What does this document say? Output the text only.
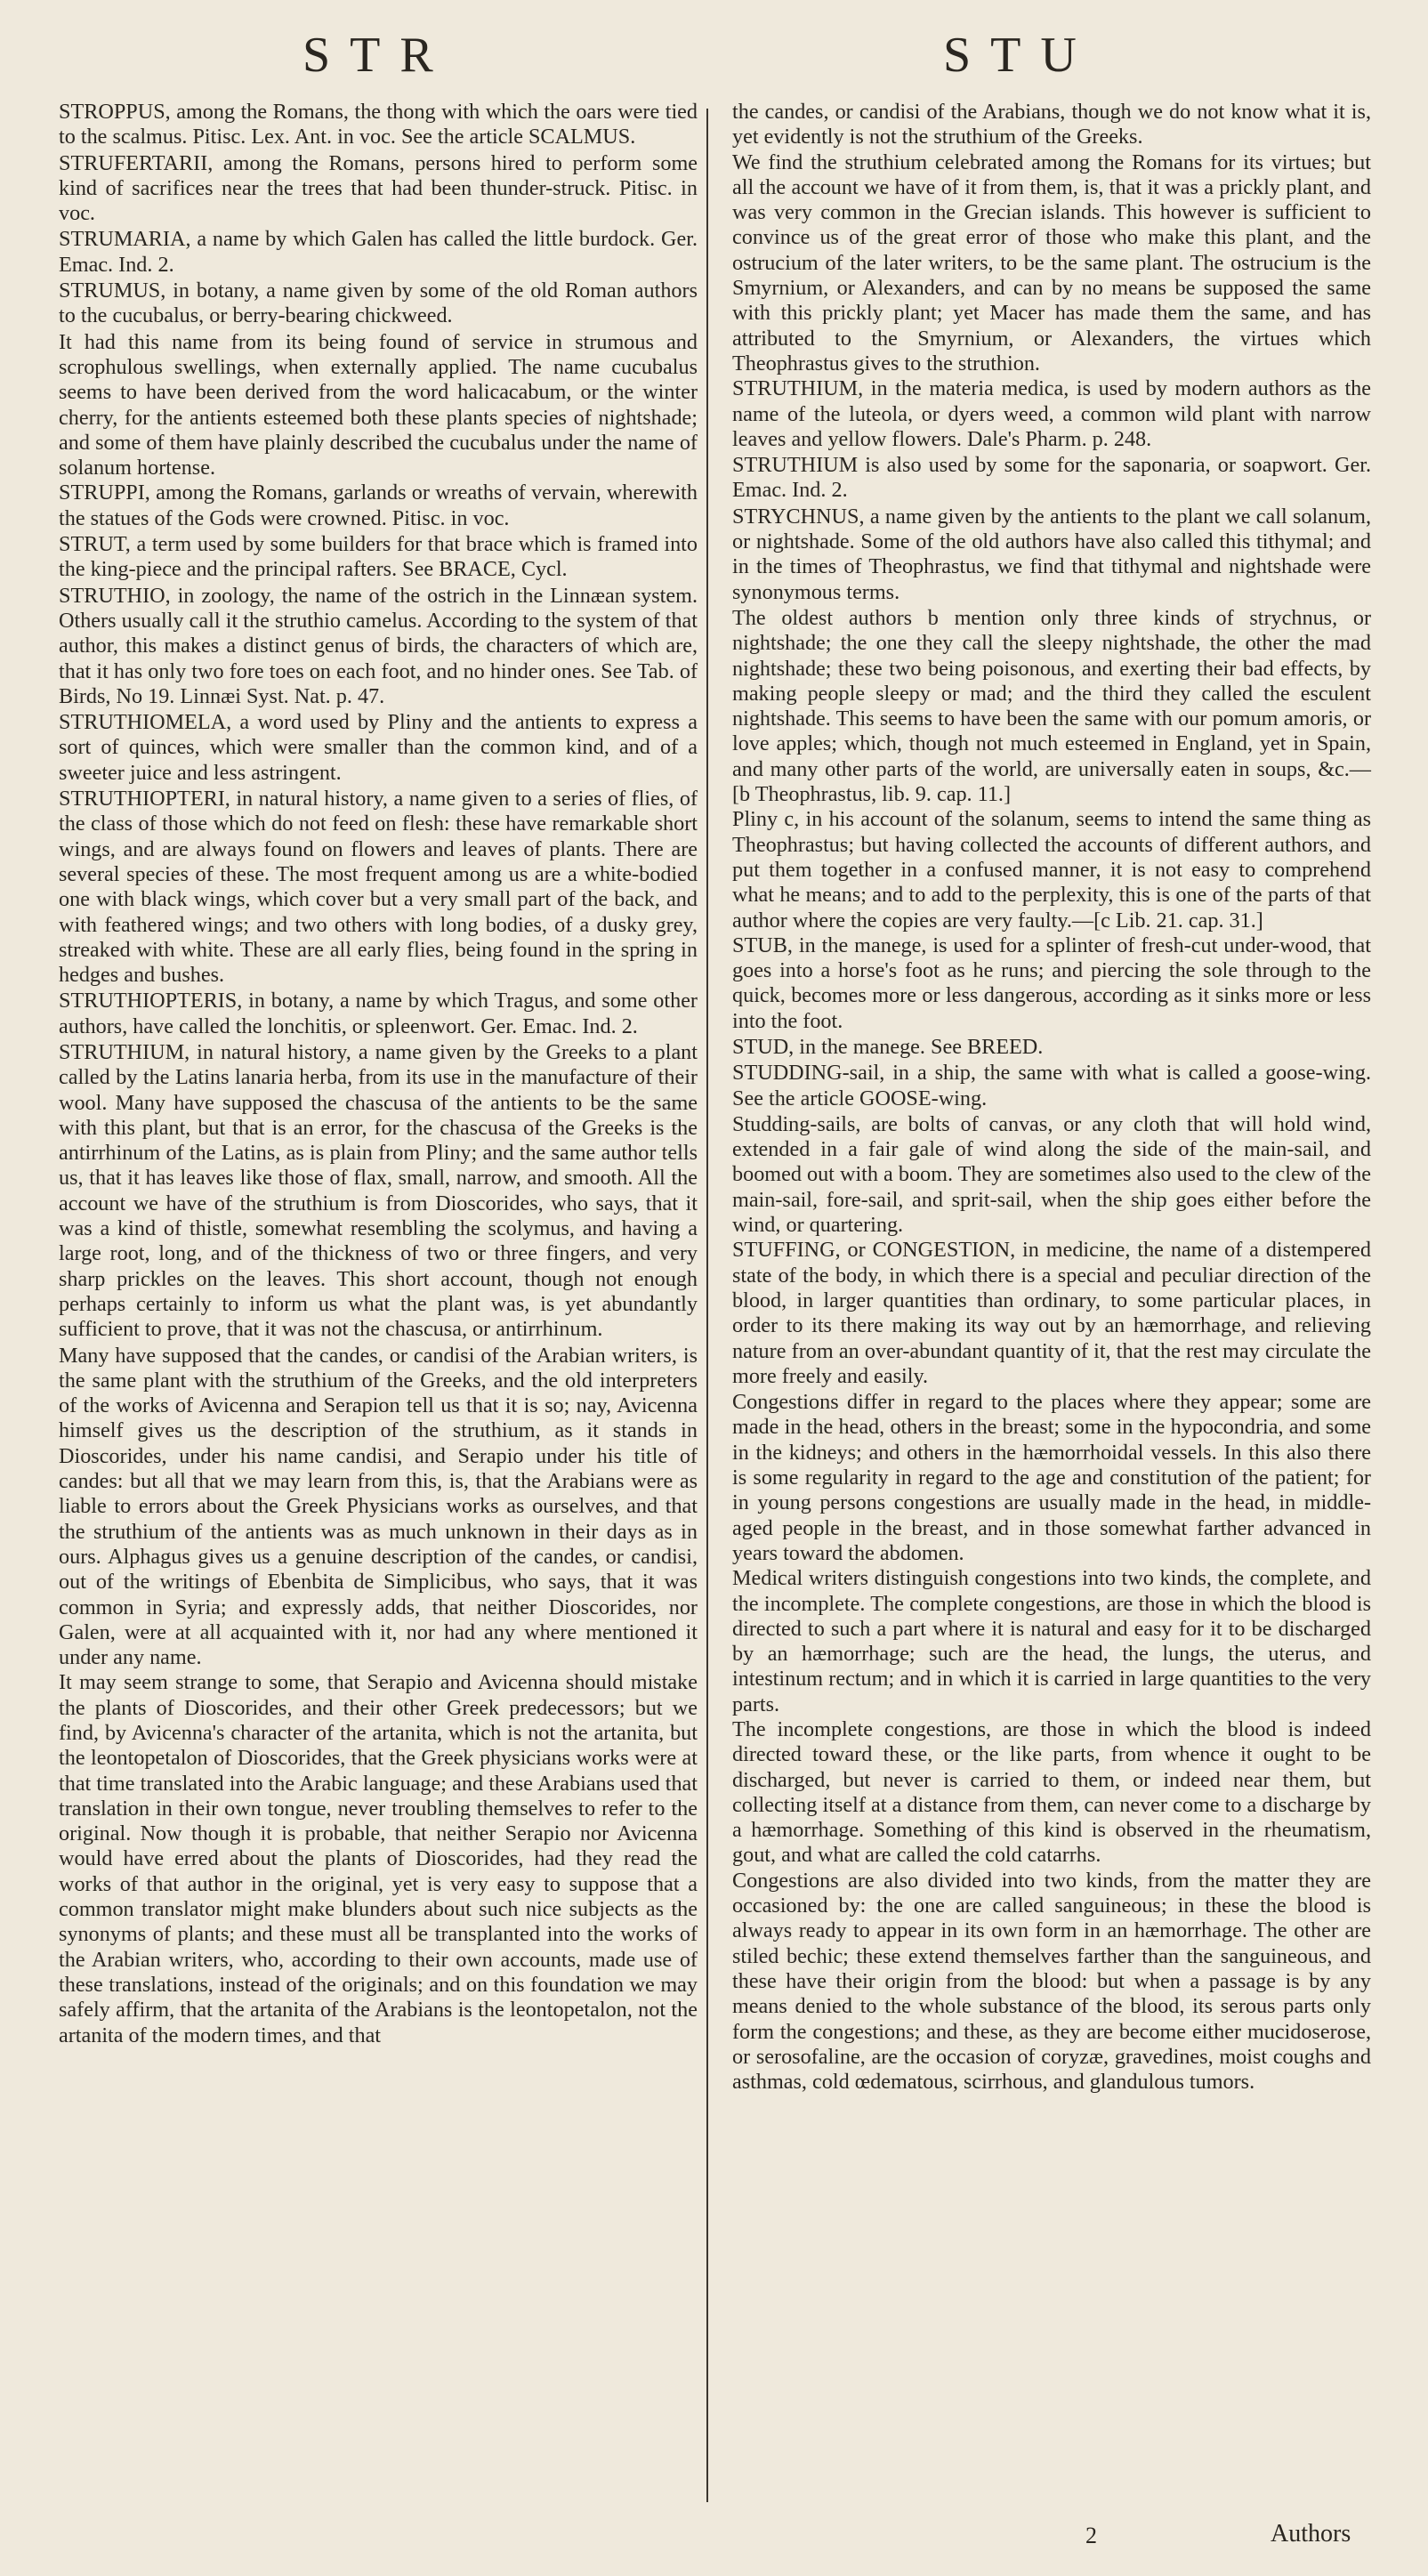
STR	STU

STROPPUS, among the Romans, the thong with which the oars were tied to the scalmus. Pitisc. Lex. Ant. in voc. See the article SCALMUS.

STRUFERTARII, among the Romans, persons hired to perform some kind of sacrifices near the trees that had been thunder-struck. Pitisc. in voc.

STRUMARIA, a name by which Galen has called the little burdock. Ger. Emac. Ind. 2.

STRUMUS, in botany, a name given by some of the old Roman authors to the cucubalus, or berry-bearing chickweed.

It had this name from its being found of service in strumous and scrophulous swellings, when externally applied. The name cucubalus seems to have been derived from the word halicacabum, or the winter cherry, for the antients esteemed both these plants species of nightshade; and some of them have plainly described the cucubalus under the name of solanum hortense.

STRUPPI, among the Romans, garlands or wreaths of vervain, wherewith the statues of the Gods were crowned. Pitisc. in voc.

STRUT, a term used by some builders for that brace which is framed into the king-piece and the principal rafters. See BRACE, Cycl.

STRUTHIO, in zoology, the name of the ostrich in the Linnæan system. Others usually call it the struthio camelus. According to the system of that author, this makes a distinct genus of birds, the characters of which are, that it has only two fore toes on each foot, and no hinder ones. See Tab. of Birds, No 19. Linnæi Syst. Nat. p. 47.

STRUTHIOMELA, a word used by Pliny and the antients to express a sort of quinces, which were smaller than the common kind, and of a sweeter juice and less astringent.

STRUTHIOPTERI, in natural history, a name given to a series of flies, of the class of those which do not feed on flesh: these have remarkable short wings, and are always found on flowers and leaves of plants. There are several species of these. The most frequent among us are a white-bodied one with black wings, which cover but a very small part of the back, and with feathered wings; and two others with long bodies, of a dusky grey, streaked with white. These are all early flies, being found in the spring in hedges and bushes.

STRUTHIOPTERIS, in botany, a name by which Tragus, and some other authors, have called the lonchitis, or spleenwort. Ger. Emac. Ind. 2.

STRUTHIUM, in natural history, a name given by the Greeks to a plant called by the Latins lanaria herba, from its use in the manufacture of their wool. Many have supposed the chascusa of the antients to be the same with this plant, but that is an error, for the chascusa of the Greeks is the antirrhinum of the Latins, as is plain from Pliny; and the same author tells us, that it has leaves like those of flax, small, narrow, and smooth. All the account we have of the struthium is from Dioscorides, who says, that it was a kind of thistle, somewhat resembling the scolymus, and having a large root, long, and of the thickness of two or three fingers, and very sharp prickles on the leaves. This short account, though not enough perhaps certainly to inform us what the plant was, is yet abundantly sufficient to prove, that it was not the chascusa, or antirrhinum.

Many have supposed that the candes, or candisi of the Arabian writers, is the same plant with the struthium of the Greeks, and the old interpreters of the works of Avicenna and Serapion tell us that it is so; nay, Avicenna himself gives us the description of the struthium, as it stands in Dioscorides, under his name candisi, and Serapio under his title of candes: but all that we may learn from this, is, that the Arabians were as liable to errors about the Greek Physicians works as ourselves, and that the struthium of the antients was as much unknown in their days as in ours. Alphagus gives us a genuine description of the candes, or candisi, out of the writings of Ebenbita de Simplicibus, who says, that it was common in Syria; and expressly adds, that neither Dioscorides, nor Galen, were at all acquainted with it, nor had any where mentioned it under any name.

It may seem strange to some, that Serapio and Avicenna should mistake the plants of Dioscorides, and their other Greek predecessors; but we find, by Avicenna's character of the artanita, which is not the artanita, but the leontopetalon of Dioscorides, that the Greek physicians works were at that time translated into the Arabic language; and these Arabians used that translation in their own tongue, never troubling themselves to refer to the original. Now though it is probable, that neither Serapio nor Avicenna would have erred about the plants of Dioscorides, had they read the works of that author in the original, yet is very easy to suppose that a common translator might make blunders about such nice subjects as the synonyms of plants; and these must all be transplanted into the works of the Arabian writers, who, according to their own accounts, made use of these translations, instead of the originals; and on this foundation we may safely affirm, that the artanita of the Arabians is the leontopetalon, not the artanita of the modern times, and that

the candes, or candisi of the Arabians, though we do not know what it is, yet evidently is not the struthium of the Greeks.

We find the struthium celebrated among the Romans for its virtues; but all the account we have of it from them, is, that it was a prickly plant, and was very common in the Grecian islands. This however is sufficient to convince us of the great error of those who make this plant, and the ostrucium of the later writers, to be the same plant. The ostrucium is the Smyrnium, or Alexanders, and can by no means be supposed the same with this prickly plant; yet Macer has made them the same, and has attributed to the Smyrnium, or Alexanders, the virtues which Theophrastus gives to the struthion.

STRUTHIUM, in the materia medica, is used by modern authors as the name of the luteola, or dyers weed, a common wild plant with narrow leaves and yellow flowers. Dale's Pharm. p. 248.

STRUTHIUM is also used by some for the saponaria, or soapwort. Ger. Emac. Ind. 2.

STRYCHNUS, a name given by the antients to the plant we call solanum, or nightshade. Some of the old authors have also called this tithymal; and in the times of Theophrastus, we find that tithymal and nightshade were synonymous terms.

The oldest authors b mention only three kinds of strychnus, or nightshade; the one they call the sleepy nightshade, the other the mad nightshade; these two being poisonous, and exerting their bad effects, by making people sleepy or mad; and the third they called the esculent nightshade. This seems to have been the same with our pomum amoris, or love apples; which, though not much esteemed in England, yet in Spain, and many other parts of the world, are universally eaten in soups, &c.—[b Theophrastus, lib. 9. cap. 11.]

Pliny c, in his account of the solanum, seems to intend the same thing as Theophrastus; but having collected the accounts of different authors, and put them together in a confused manner, it is not easy to comprehend what he means; and to add to the perplexity, this is one of the parts of that author where the copies are very faulty.—[c Lib. 21. cap. 31.]

STUB, in the manege, is used for a splinter of fresh-cut under-wood, that goes into a horse's foot as he runs; and piercing the sole through to the quick, becomes more or less dangerous, according as it sinks more or less into the foot.

STUD, in the manege. See BREED.

STUDDING-sail, in a ship, the same with what is called a goose-wing. See the article GOOSE-wing.

Studding-sails, are bolts of canvas, or any cloth that will hold wind, extended in a fair gale of wind along the side of the main-sail, and boomed out with a boom. They are sometimes also used to the clew of the main-sail, fore-sail, and sprit-sail, when the ship goes either before the wind, or quartering.

STUFFING, or CONGESTION, in medicine, the name of a distempered state of the body, in which there is a special and peculiar direction of the blood, in larger quantities than ordinary, to some particular places, in order to its there making its way out by an hæmorrhage, and relieving nature from an over-abundant quantity of it, that the rest may circulate the more freely and easily.

Congestions differ in regard to the places where they appear; some are made in the head, others in the breast; some in the hypocondria, and some in the kidneys; and others in the hæmorrhoidal vessels. In this also there is some regularity in regard to the age and constitution of the patient; for in young persons congestions are usually made in the head, in middle-aged people in the breast, and in those somewhat farther advanced in years toward the abdomen.

Medical writers distinguish congestions into two kinds, the complete, and the incomplete. The complete congestions, are those in which the blood is directed to such a part where it is natural and easy for it to be discharged by an hæmorrhage; such are the head, the lungs, the uterus, and intestinum rectum; and in which it is carried in large quantities to the very parts.

The incomplete congestions, are those in which the blood is indeed directed toward these, or the like parts, from whence it ought to be discharged, but never is carried to them, or indeed near them, but collecting itself at a distance from them, can never come to a discharge by a hæmorrhage. Something of this kind is observed in the rheumatism, gout, and what are called the cold catarrhs.

Congestions are also divided into two kinds, from the matter they are occasioned by: the one are called sanguineous; in these the blood is always ready to appear in its own form in an hæmorrhage. The other are stiled bechic; these extend themselves farther than the sanguineous, and these have their origin from the blood: but when a passage is by any means denied to the whole substance of the blood, its serous parts only form the congestions; and these, as they are become either mucidoserose, or serosofaline, are the occasion of coryzæ, gravedines, moist coughs and asthmas, cold œdematous, scirrhous, and glandulous tumors.

2	Authors
